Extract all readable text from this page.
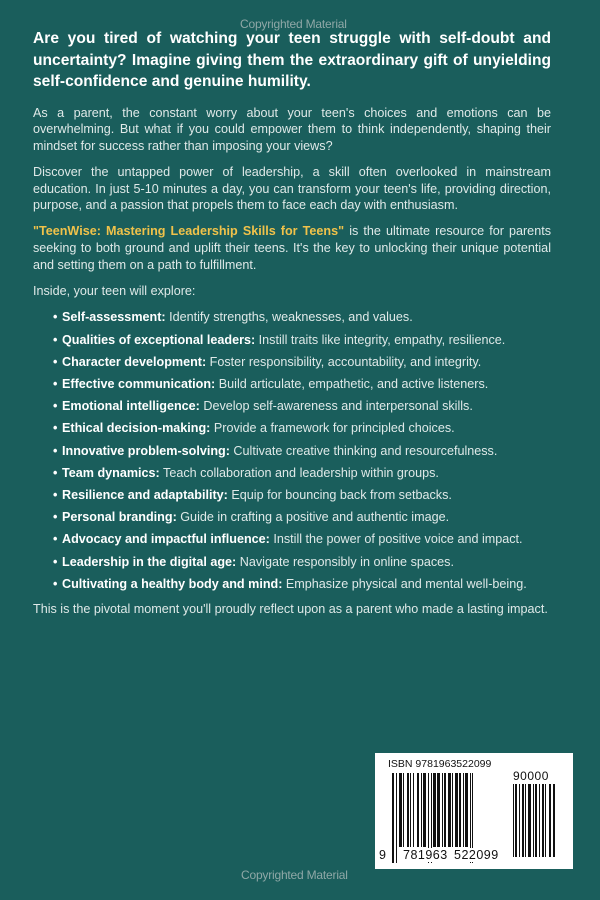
Copyrighted Material

Are you tired of watching your teen struggle with self-doubt and uncertainty? Imagine giving them the extraordinary gift of unyielding self-confidence and genuine humility.

As a parent, the constant worry about your teen's choices and emotions can be overwhelming. But what if you could empower them to think independently, shaping their mindset for success rather than imposing your views?

Discover the untapped power of leadership, a skill often overlooked in mainstream education. In just 5-10 minutes a day, you can transform your teen's life, providing direction, purpose, and a passion that propels them to face each day with enthusiasm.

"TeenWise: Mastering Leadership Skills for Teens" is the ultimate resource for parents seeking to both ground and uplift their teens. It's the key to unlocking their unique potential and setting them on a path to fulfillment.

Inside, your teen will explore:

• Self-assessment: Identify strengths, weaknesses, and values.
• Qualities of exceptional leaders: Instill traits like integrity, empathy, resilience.
• Character development: Foster responsibility, accountability, and integrity.
• Effective communication: Build articulate, empathetic, and active listeners.
• Emotional intelligence: Develop self-awareness and interpersonal skills.
• Ethical decision-making: Provide a framework for principled choices.
• Innovative problem-solving: Cultivate creative thinking and resourcefulness.
• Team dynamics: Teach collaboration and leadership within groups.
• Resilience and adaptability: Equip for bouncing back from setbacks.
• Personal branding: Guide in crafting a positive and authentic image.
• Advocacy and impactful influence: Instill the power of positive voice and impact.
• Leadership in the digital age: Navigate responsibly in online spaces.
• Cultivating a healthy body and mind: Emphasize physical and mental well-being.

This is the pivotal moment you'll proudly reflect upon as a parent who made a lasting impact.

ISBN 9781963522099
90000
9 781963 522099
Copyrighted Material
